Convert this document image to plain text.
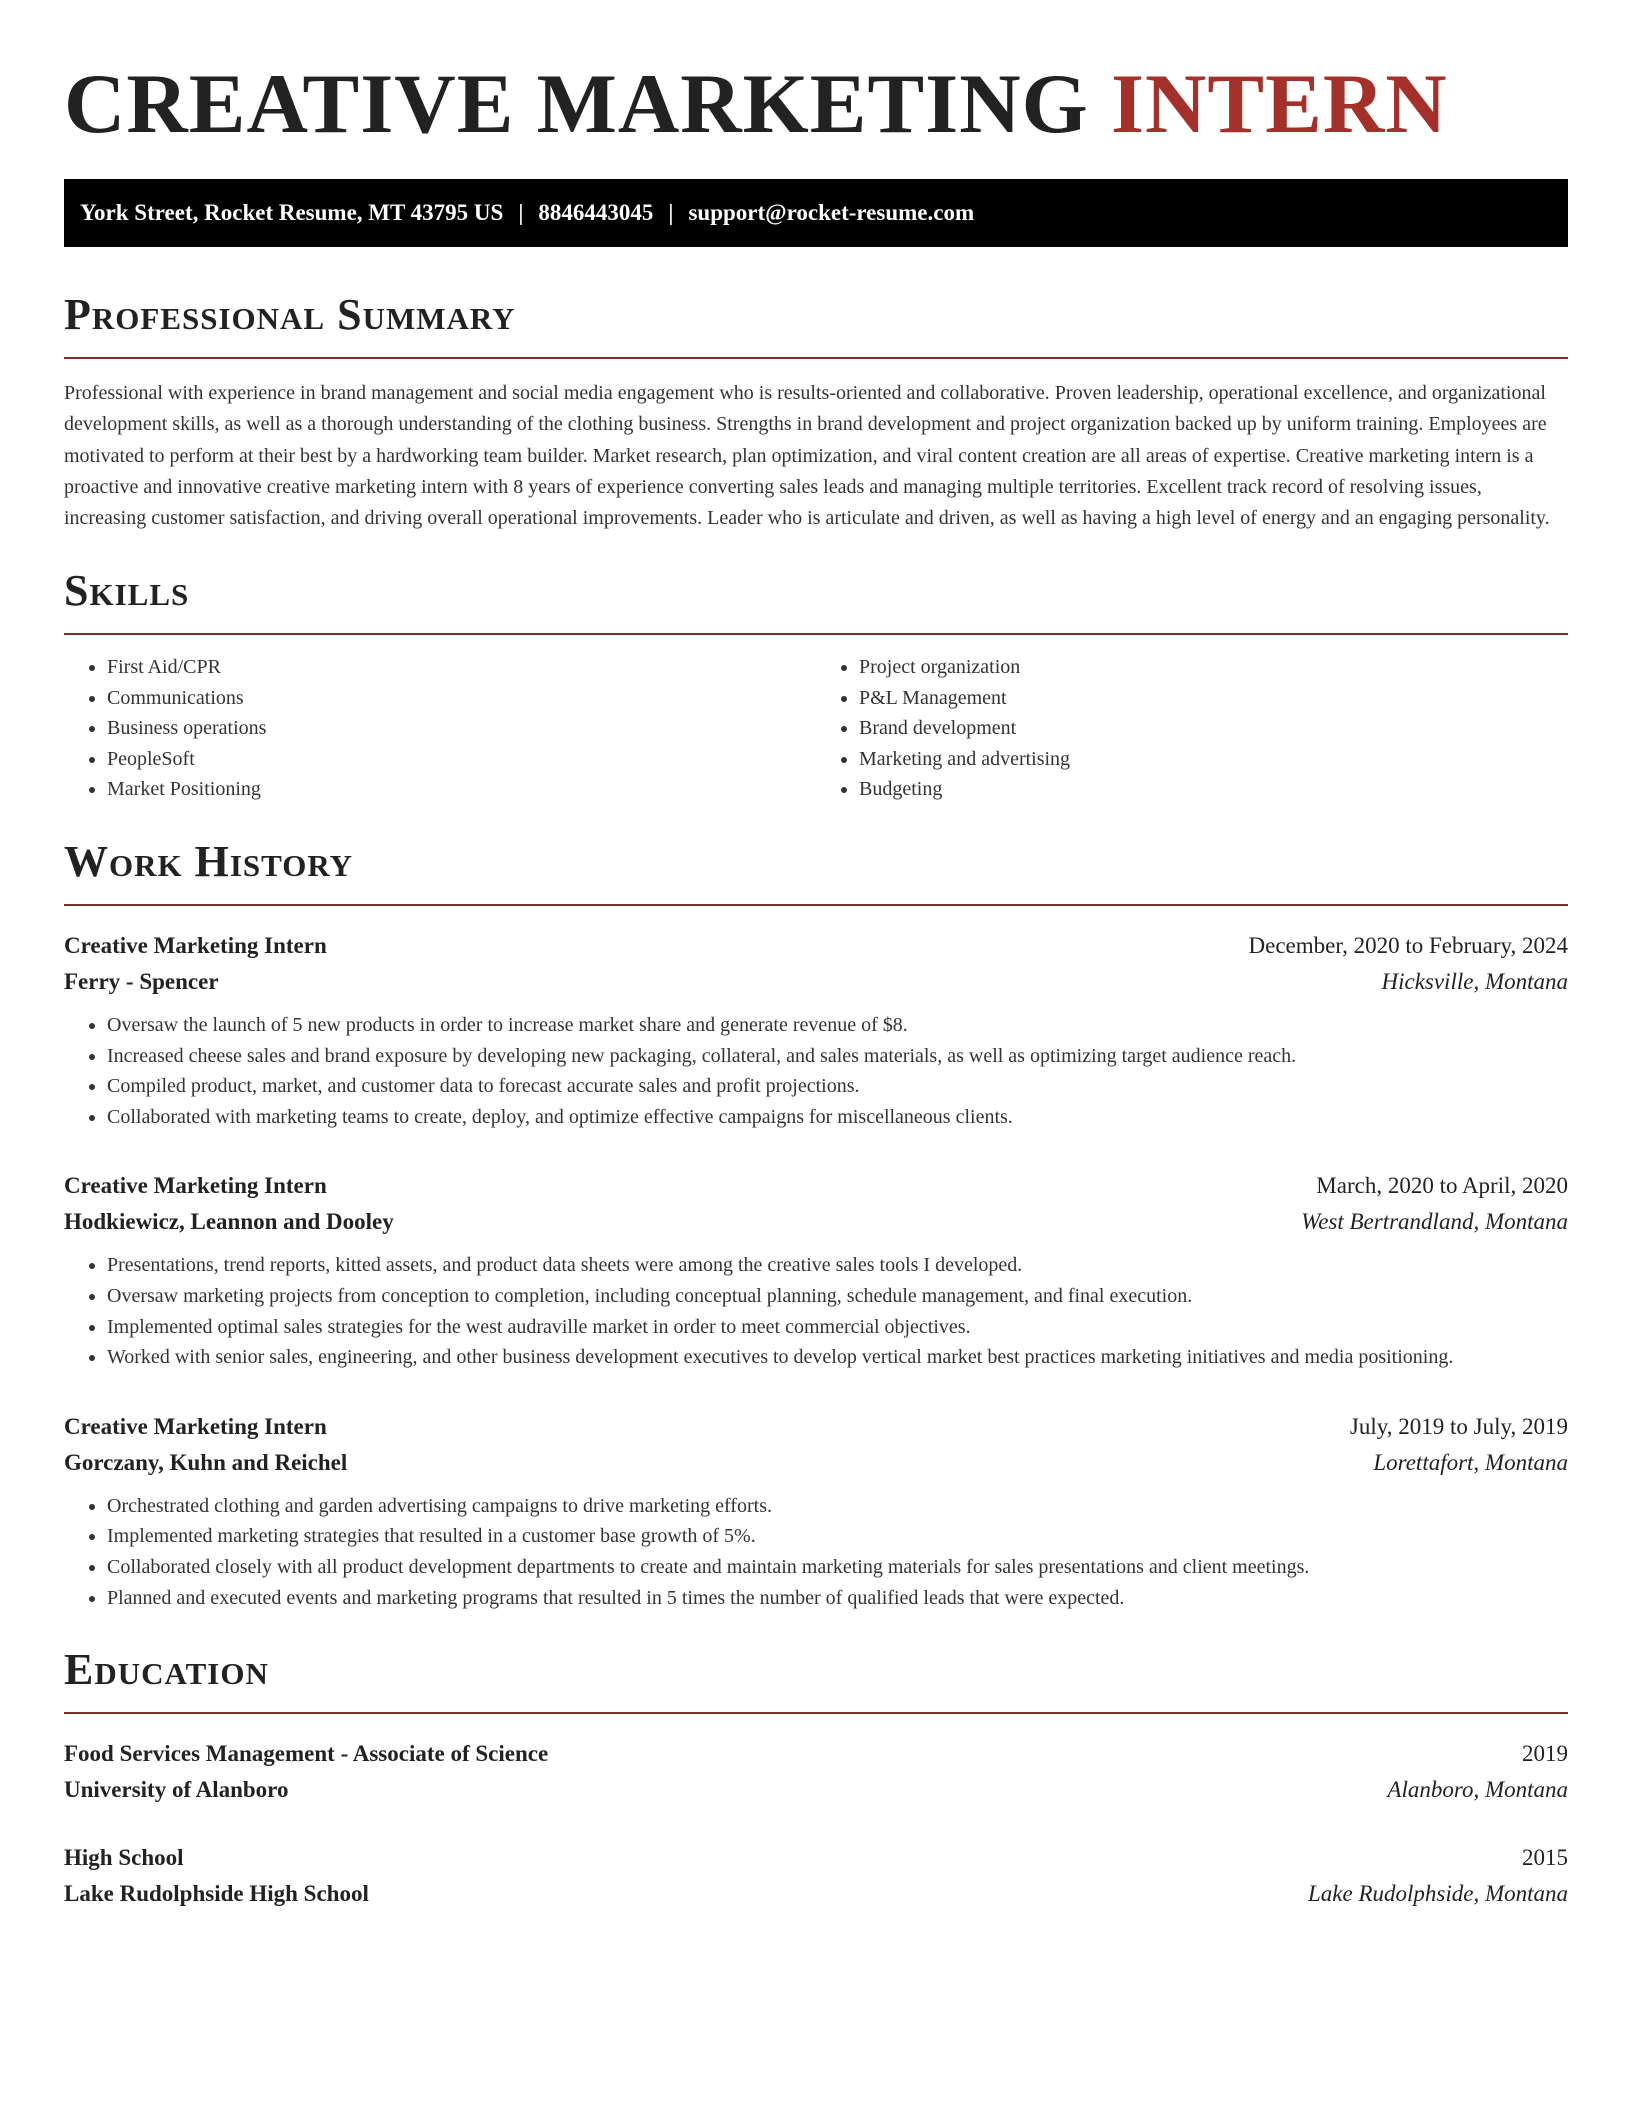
CREATIVE MARKETING INTERN
York Street, Rocket Resume, MT 43795 US | 8846443045 | support@rocket-resume.com
Professional Summary

Professional with experience in brand management and social media engagement who is results-oriented and collaborative. Proven leadership, operational excellence, and organizational development skills, as well as a thorough understanding of the clothing business. Strengths in brand development and project organization backed up by uniform training. Employees are motivated to perform at their best by a hardworking team builder. Market research, plan optimization, and viral content creation are all areas of expertise. Creative marketing intern is a proactive and innovative creative marketing intern with 8 years of experience converting sales leads and managing multiple territories. Excellent track record of resolving issues, increasing customer satisfaction, and driving overall operational improvements. Leader who is articulate and driven, as well as having a high level of energy and an engaging personality.

Skills
• First Aid/CPR
• Communications
• Business operations
• PeopleSoft
• Market Positioning
• Project organization
• P&L Management
• Brand development
• Marketing and advertising
• Budgeting
Work History
Creative Marketing Intern	December, 2020 to February, 2024
Ferry - Spencer	Hicksville, Montana
• Oversaw the launch of 5 new products in order to increase market share and generate revenue of $8.
• Increased cheese sales and brand exposure by developing new packaging, collateral, and sales materials, as well as optimizing target audience reach.
• Compiled product, market, and customer data to forecast accurate sales and profit projections.
• Collaborated with marketing teams to create, deploy, and optimize effective campaigns for miscellaneous clients.
Creative Marketing Intern	March, 2020 to April, 2020
Hodkiewicz, Leannon and Dooley	West Bertrandland, Montana
• Presentations, trend reports, kitted assets, and product data sheets were among the creative sales tools I developed.
• Oversaw marketing projects from conception to completion, including conceptual planning, schedule management, and final execution.
• Implemented optimal sales strategies for the west audraville market in order to meet commercial objectives.
• Worked with senior sales, engineering, and other business development executives to develop vertical market best practices marketing initiatives and media positioning.
Creative Marketing Intern	July, 2019 to July, 2019
Gorczany, Kuhn and Reichel	Lorettafort, Montana
• Orchestrated clothing and garden advertising campaigns to drive marketing efforts.
• Implemented marketing strategies that resulted in a customer base growth of 5%.
• Collaborated closely with all product development departments to create and maintain marketing materials for sales presentations and client meetings.
• Planned and executed events and marketing programs that resulted in 5 times the number of qualified leads that were expected.
Education
Food Services Management - Associate of Science	2019
University of Alanboro	Alanboro, Montana
High School	2015
Lake Rudolphside High School	Lake Rudolphside, Montana
